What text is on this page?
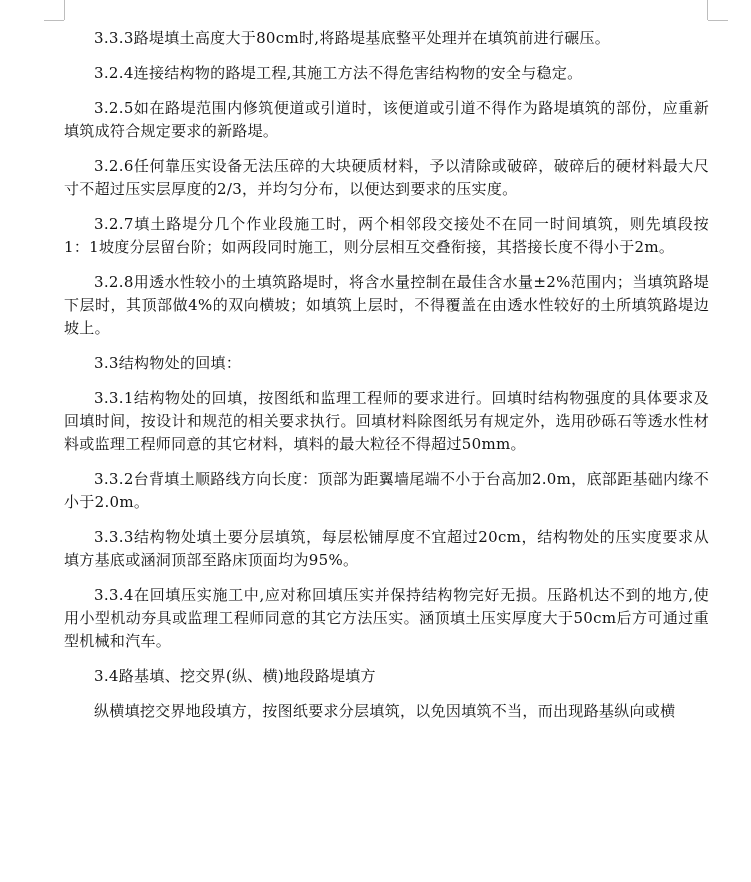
3.3.3路堤填土高度大于80cm时,将路堤基底整平处理并在填筑前进行碾压。

3.2.4连接结构物的路堤工程,其施工方法不得危害结构物的安全与稳定。

3.2.5如在路堤范围内修筑便道或引道时，该便道或引道不得作为路堤填筑的部份，应重新填筑成符合规定要求的新路堤。

3.2.6任何靠压实设备无法压碎的大块硬质材料，予以清除或破碎，破碎后的硬材料最大尺寸不超过压实层厚度的2/3，并均匀分布，以便达到要求的压实度。

3.2.7填土路堤分几个作业段施工时，两个相邻段交接处不在同一时间填筑，则先填段按1：1坡度分层留台阶；如两段同时施工，则分层相互交叠衔接，其搭接长度不得小于2m。

3.2.8用透水性较小的土填筑路堤时，将含水量控制在最佳含水量±2%范围内；当填筑路堤下层时，其顶部做4%的双向横坡；如填筑上层时，不得覆盖在由透水性较好的土所填筑路堤边坡上。

3.3结构物处的回填：

3.3.1结构物处的回填，按图纸和监理工程师的要求进行。回填时结构物强度的具体要求及回填时间，按设计和规范的相关要求执行。回填材料除图纸另有规定外，选用砂砾石等透水性材料或监理工程师同意的其它材料，填料的最大粒径不得超过50mm。

3.3.2台背填土顺路线方向长度：顶部为距翼墙尾端不小于台高加2.0m，底部距基础内缘不小于2.0m。

3.3.3结构物处填土要分层填筑，每层松铺厚度不宜超过20cm，结构物处的压实度要求从填方基底或涵洞顶部至路床顶面均为95%。

3.3.4在回填压实施工中,应对称回填压实并保持结构物完好无损。压路机达不到的地方,使用小型机动夯具或监理工程师同意的其它方法压实。涵顶填土压实厚度大于50cm后方可通过重型机械和汽车。

3.4路基填、挖交界(纵、横)地段路堤填方

纵横填挖交界地段填方，按图纸要求分层填筑，以免因填筑不当，而出现路基纵向或横
